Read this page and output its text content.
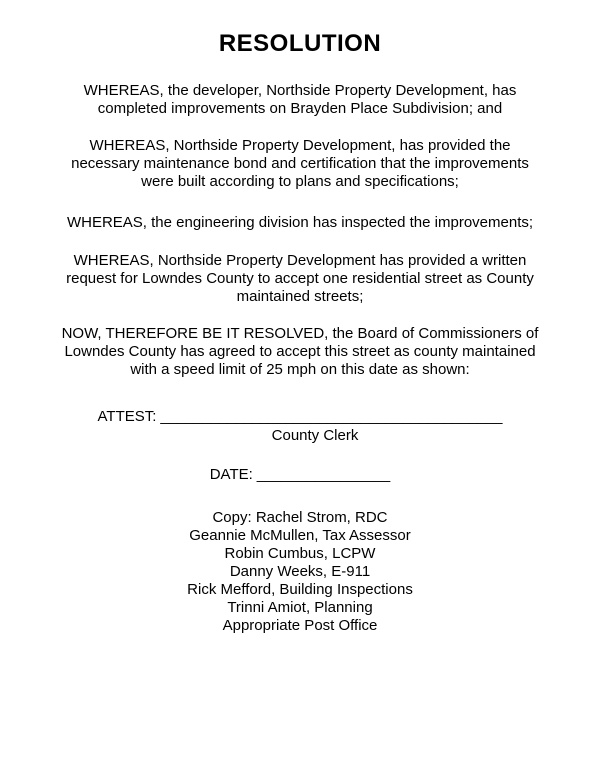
RESOLUTION

WHEREAS, the developer, Northside Property Development, has completed improvements on Brayden Place Subdivision; and

WHEREAS, Northside Property Development, has provided the necessary maintenance bond and certification that the improvements were built according to plans and specifications;

WHEREAS, the engineering division has inspected the improvements;

WHEREAS, Northside Property Development has provided a written request for Lowndes County to accept one residential street as County maintained streets;

NOW, THEREFORE BE IT RESOLVED, the Board of Commissioners of Lowndes County has agreed to accept this street as county maintained with a speed limit of 25 mph on this date as shown:

ATTEST: _________________________________________
County Clerk
DATE: ________________
Copy: Rachel Strom, RDC
Geannie McMullen, Tax Assessor
Robin Cumbus, LCPW
Danny Weeks, E-911
Rick Mefford, Building Inspections
Trinni Amiot, Planning
Appropriate Post Office
